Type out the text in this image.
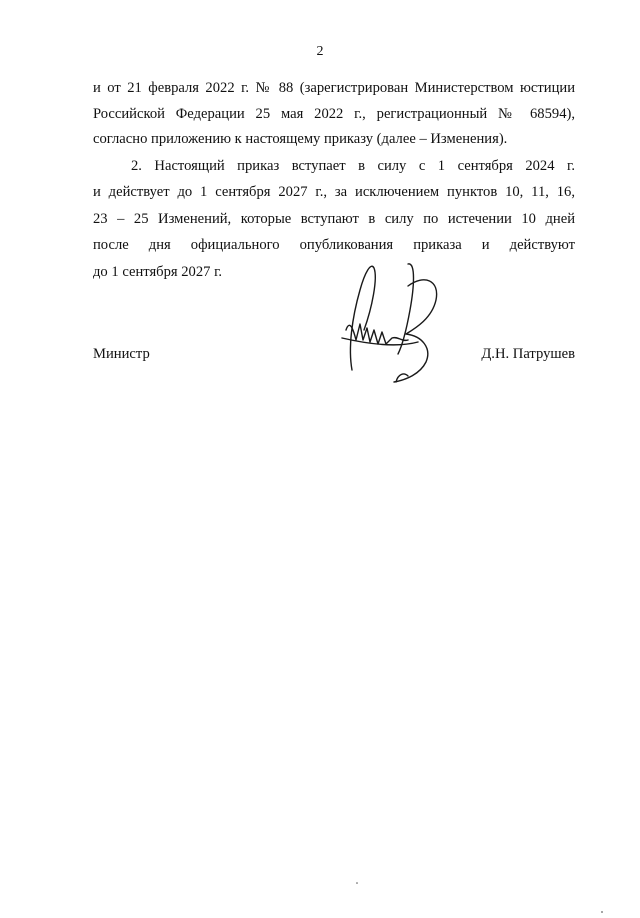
2
и от 21 февраля 2022 г. № 88 (зарегистрирован Министерством юстиции
Российской Федерации 25 мая 2022 г., регистрационный № 68594),
согласно приложению к настоящему приказу (далее – Изменения).
2. Настоящий приказ вступает в силу с 1 сентября 2024 г.
и действует до 1 сентября 2027 г., за исключением пунктов 10, 11, 16,
23 – 25 Изменений, которые вступают в силу по истечении 10 дней
после дня официального опубликования приказа и действуют
до 1 сентября 2027 г.
Министр	Д.Н. Патрушев
